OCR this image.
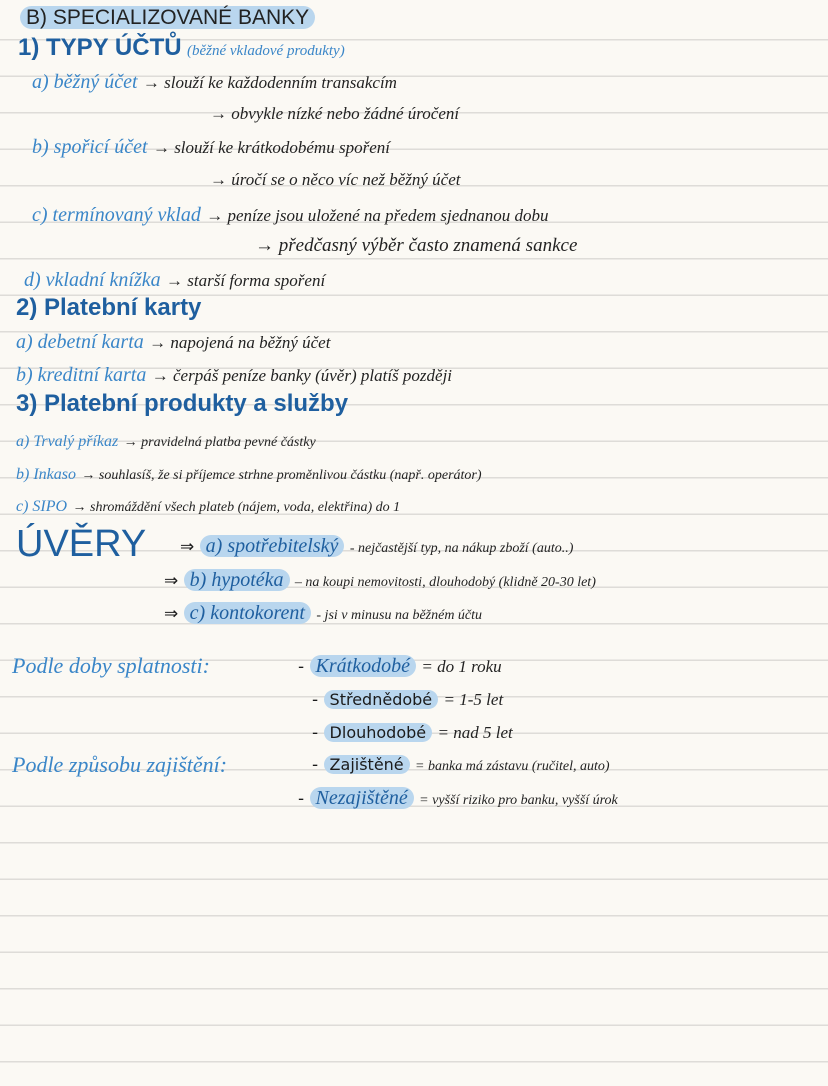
B) SPECIALIZOVANÉ BANKY
1) TYPY ÚČTŮ (běžné vkladové produkty)
a) běžný účet → slouží ke každodenním transakcím
→ obvykle nízké nebo žádné úročení
b) spořicí účet → slouží ke krátkodobému spoření
→ úročí se o něco víc než běžný účet
c) termínovaný vklad → peníze jsou uložené na předem sjednanou dobu
→ předčasný výběr často znamená sankce
d) vkladní knížka → starší forma spoření
2) Platební karty
a) debetní karta → napojená na běžný účet
b) kreditní karta → čerpáš peníze banky (úvěr) platíš později
3) Platební produkty a služby
a) Trvalý příkaz → pravidelná platba pevné částky
b) Inkaso → souhlasíš, že si příjemce strhne proměnlivou částku (např. operátor)
c) SIPO → shromáždění všech plateb (nájem, voda, elektřina) do 1
ÚVĚRY ⇒ a) spotřebitelský - nejčastější typ, na nákup zboží (auto..)
⇒ b) hypotéka – na koupi nemovitosti, dlouhodobý (klidně 20-30 let)
⇒ c) kontokorent - jsi v minusu na běžném účtu
Podle doby splatnosti:	- Krátkodobé = do 1 roku
- Střednědobé = 1-5 let
- Dlouhodobé = nad 5 let
Podle způsobu zajištění:	- Zajištěné = banka má zástavu (ručitel, auto)
- Nezajištěné = vyšší riziko pro banku, vyšší úrok
